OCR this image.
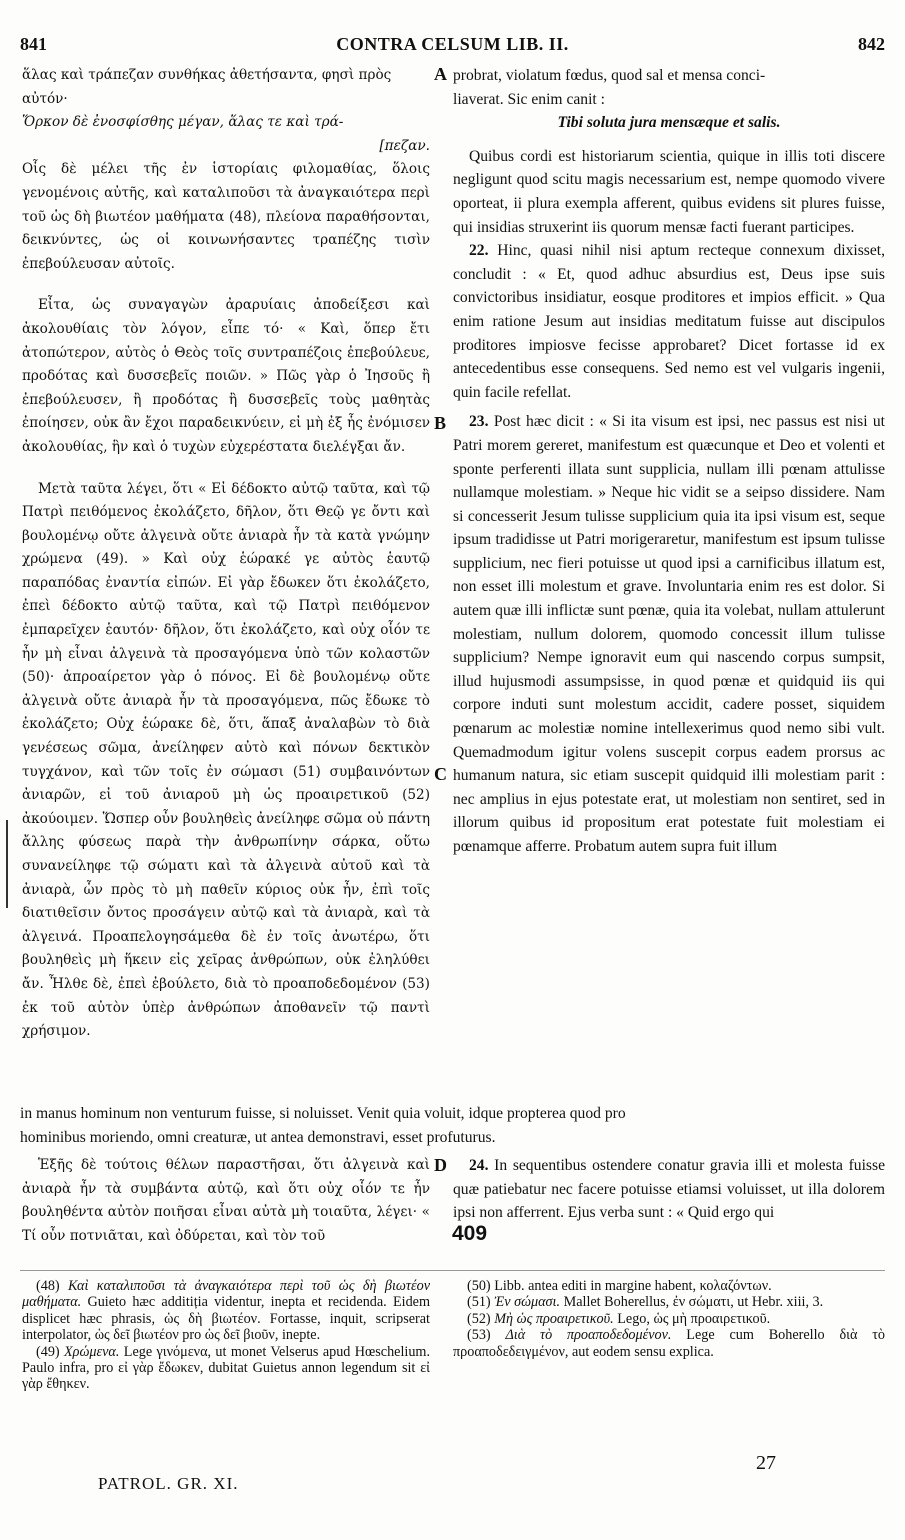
841	CONTRA CELSUM LIB. II.	842

ἅλας καὶ τράπεζαν συνθήκας ἀθετήσαντα, φησὶ πρὸς

αὐτόν·

Ὅρκον δὲ ἐνοσφίσθης μέγαν, ἅλας τε καὶ τρά-

[πεζαν.

Οἷς δὲ μέλει τῆς ἐν ἱστορίαις φιλομαθίας, ὅλοις γενομένοις αὐτῆς, καὶ καταλιποῦσι τὰ ἀναγκαιότερα περὶ τοῦ ὡς δὴ βιωτέον μαθήματα (48), πλείονα παραθήσονται, δεικνύντες, ὡς οἱ κοινωνήσαντες τραπέζης τισὶν ἐπεβούλευσαν αὐτοῖς.

Εἶτα, ὡς συναγαγὼν ἀραρυίαις ἀποδείξεσι καὶ ἀκολουθίαις τὸν λόγον, εἶπε τό· « Καὶ, ὅπερ ἔτι ἀτοπώτερον, αὐτὸς ὁ Θεὸς τοῖς συντραπέζοις ἐπεβούλευε, προδότας καὶ δυσσεβεῖς ποιῶν. » Πῶς γὰρ ὁ Ἰησοῦς ἢ ἐπεβούλευσεν, ἢ προδότας ἢ δυσσεβεῖς τοὺς μαθητὰς ἐποίησεν, οὐκ ἂν ἔχοι παραδεικνύειν, εἰ μὴ ἐξ ἧς ἐνόμισεν ἀκολουθίας, ἣν καὶ ὁ τυχὼν εὐχερέστατα διελέγξαι ἄν.

Μετὰ ταῦτα λέγει, ὅτι « Εἰ δέδοκτο αὐτῷ ταῦτα, καὶ τῷ Πατρὶ πειθόμενος ἐκολάζετο, δῆλον, ὅτι Θεῷ γε ὄντι καὶ βουλομένῳ οὔτε ἀλγεινὰ οὔτε ἀνιαρὰ ἦν τὰ κατὰ γνώμην χρώμενα (49). » Καὶ οὐχ ἑώρακέ γε αὐτὸς ἑαυτῷ παραπόδας ἐναντία εἰπών. Εἰ γὰρ ἔδωκεν ὅτι ἐκολάζετο, ἐπεὶ δέδοκτο αὐτῷ ταῦτα, καὶ τῷ Πατρὶ πειθόμενον ἐμπαρεῖχεν ἑαυτόν· δῆλον, ὅτι ἐκολάζετο, καὶ οὐχ οἷόν τε ἦν μὴ εἶναι ἀλγεινὰ τὰ προσαγόμενα ὑπὸ τῶν κολαστῶν (50)· ἀπροαίρετον γὰρ ὁ πόνος. Εἰ δὲ βουλομένῳ οὔτε ἀλγεινὰ οὔτε ἀνιαρὰ ἦν τὰ προσαγόμενα, πῶς ἔδωκε τὸ ἐκολάζετο; Οὐχ ἑώρακε δὲ, ὅτι, ἅπαξ ἀναλαβὼν τὸ διὰ γενέσεως σῶμα, ἀνείληφεν αὐτὸ καὶ πόνων δεκτικὸν τυγχάνον, καὶ τῶν τοῖς ἐν σώμασι (51) συμβαινόντων ἀνιαρῶν, εἰ τοῦ ἀνιαροῦ μὴ ὡς προαιρετικοῦ (52) ἀκούοιμεν. Ὥσπερ οὖν βουληθεὶς ἀνείληφε σῶμα οὐ πάντη ἄλλης φύσεως παρὰ τὴν ἀνθρωπίνην σάρκα, οὕτω συνανείληφε τῷ σώματι καὶ τὰ ἀλγεινὰ αὐτοῦ καὶ τὰ ἀνιαρὰ, ὧν πρὸς τὸ μὴ παθεῖν κύριος οὐκ ἦν, ἐπὶ τοῖς διατιθεῖσιν ὄντος προσάγειν αὐτῷ καὶ τὰ ἀνιαρὰ, καὶ τὰ ἀλγεινά. Προαπελογησάμεθα δὲ ἐν τοῖς ἀνωτέρω, ὅτι βουληθεὶς μὴ ἥκειν εἰς χεῖρας ἀνθρώπων, οὐκ ἐληλύθει ἄν. Ἦλθε δὲ, ἐπεὶ ἐβούλετο, διὰ τὸ προαποδεδομένον (53) ἐκ τοῦ αὐτὸν ὑπὲρ ἀνθρώπων ἀποθανεῖν τῷ παντὶ χρήσιμον.

probrat, violatum fœdus, quod sal et mensa conci-

liaverat. Sic enim canit :

Tibi soluta jura mensæque et salis.

Quibus cordi est historiarum scientia, quique in illis toti discere negligunt quod scitu magis necessarium est, nempe quomodo vivere oporteat, ii plura exempla afferent, quibus evidens sit plures fuisse, qui insidias struxerint iis quorum mensæ facti fuerant participes.

22. Hinc, quasi nihil nisi aptum recteque connexum dixisset, concludit : « Et, quod adhuc absurdius est, Deus ipse suis convictoribus insidiatur, eosque proditores et impios efficit. » Qua enim ratione Jesum aut insidias meditatum fuisse aut discipulos proditores impiosve fecisse approbaret? Dicet fortasse id ex antecedentibus esse consequens. Sed nemo est vel vulgaris ingenii, quin facile refellat.

23. Post hæc dicit : « Si ita visum est ipsi, nec passus est nisi ut Patri morem gereret, manifestum est quæcunque et Deo et volenti et sponte perferenti illata sunt supplicia, nullam illi pœnam attulisse nullamque molestiam. » Neque hic vidit se a seipso dissidere. Nam si concesserit Jesum tulisse supplicium quia ita ipsi visum est, seque ipsum tradidisse ut Patri morigeraretur, manifestum est ipsum tulisse supplicium, nec fieri potuisse ut quod ipsi a carnificibus illatum est, non esset illi molestum et grave. Involuntaria enim res est dolor. Si autem quæ illi inflictæ sunt pœnæ, quia ita volebat, nullam attulerunt molestiam, nullum dolorem, quomodo concessit illum tulisse supplicium? Nempe ignoravit eum qui nascendo corpus sumpsit, illud hujusmodi assumpsisse, in quod pœnæ et quidquid iis qui corpore induti sunt molestum accidit, cadere posset, siquidem pœnarum ac molestiæ nomine intellexerimus quod nemo sibi vult. Quemadmodum igitur volens suscepit corpus eadem prorsus ac humanum natura, sic etiam suscepit quidquid illi molestiam parit : nec amplius in ejus potestate erat, ut molestiam non sentiret, sed in illorum quibus id propositum erat potestate fuit molestiam ei pœnamque afferre. Probatum autem supra fuit illum

A
B
C
D

in manus hominum non venturum fuisse, si noluisset. Venit quia voluit, idque propterea quod pro

hominibus moriendo, omni creaturæ, ut antea demonstravi, esset profuturus.

Ἑξῆς δὲ τούτοις θέλων παραστῆσαι, ὅτι ἀλγεινὰ καὶ ἀνιαρὰ ἦν τὰ συμβάντα αὐτῷ, καὶ ὅτι οὐχ οἷόν τε ἦν βουληθέντα αὐτὸν ποιῆσαι εἶναι αὐτὰ μὴ τοιαῦτα, λέγει· « Τί οὖν ποτνιᾶται, καὶ ὀδύρεται, καὶ τὸν τοῦ

24. In sequentibus ostendere conatur gravia illi et molesta fuisse quæ patiebatur nec facere potuisse etiamsi voluisset, ut illa dolorem ipsi non afferrent. Ejus verba sunt : « Quid ergo qui

409

(48) Καὶ καταλιποῦσι τὰ ἀναγκαιότερα περὶ τοῦ ὡς δὴ βιωτέον μαθήματα. Guieto hæc additiția videntur, inepta et recidenda. Eidem displicet hæc phrasis, ὡς δὴ βιωτέον. Fortasse, inquit, scripserat interpolator, ὡς δεῖ βιωτέον pro ὡς δεῖ βιοῦν, inepte.

(49) Χρώμενα. Lege γινόμενα, ut monet Velserus apud Hœschelium. Paulo infra, pro εἰ γὰρ ἔδωκεν, dubitat Guietus annon legendum sit εἰ γὰρ ἔθηκεν.

(50) Libb. antea editi in margine habent, κολαζόντων.

(51) Ἐν σώμασι. Mallet Boherellus, ἐν σώματι, ut Hebr. xiii, 3.

(52) Μὴ ὡς προαιρετικοῦ. Lego, ὡς μὴ προαιρετικοῦ.

(53) Διὰ τὸ προαποδεδομένον. Lege cum Boherello διὰ τὸ προαποδεδειγμένον, aut eodem sensu explica.

PATROL. GR. XI.
27
